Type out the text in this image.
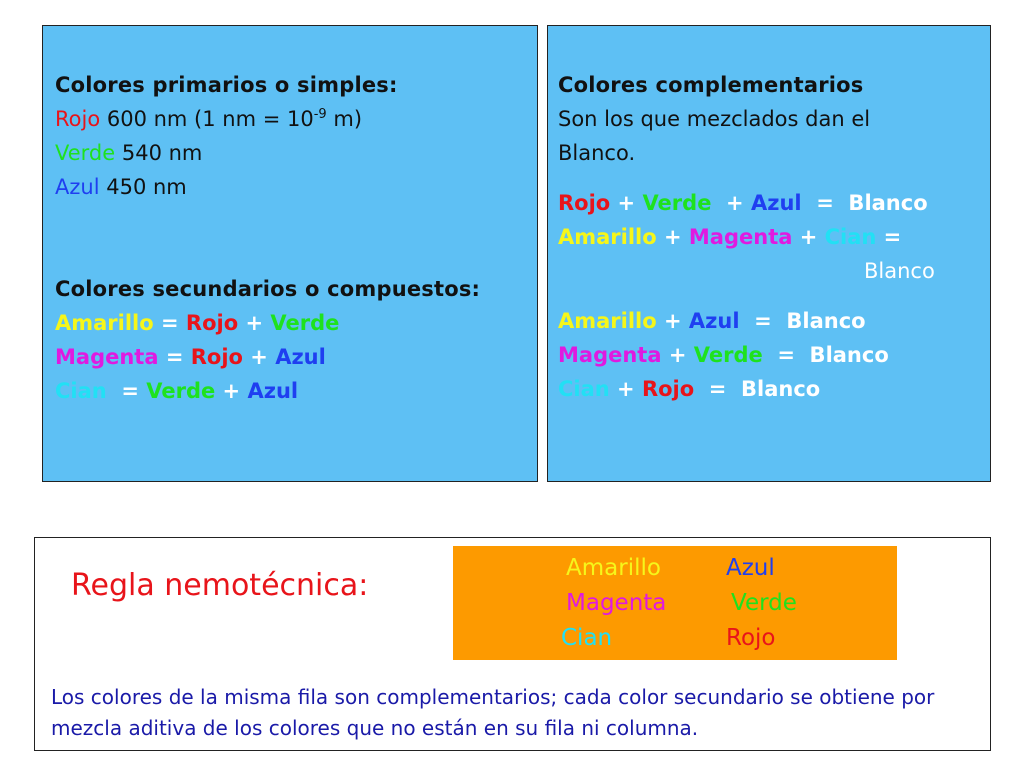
Colores primarios o simples:
Rojo 600 nm (1 nm = $10^{-9}$ m)
Verde 540 nm
Azul 450 nm
Colores secundarios o compuestos:
Amarillo = Rojo + Verde
Magenta = Rojo + Azul
Cian  = Verde + Azul
Colores complementarios
Son los que mezclados dan el
Blanco.
Rojo + Verde  + Azul  =  Blanco
Amarillo + Magenta + Cian =
Blanco
Amarillo + Azul  =  Blanco
Magenta + Verde  =  Blanco
Cian + Rojo  =  Blanco
Regla nemotécnica:	Amarillo	Azul
Magenta	Verde
Cian	Rojo
Los colores de la misma fila son complementarios; cada color secundario se obtiene por mezcla aditiva de los colores que no están en su fila ni columna.
